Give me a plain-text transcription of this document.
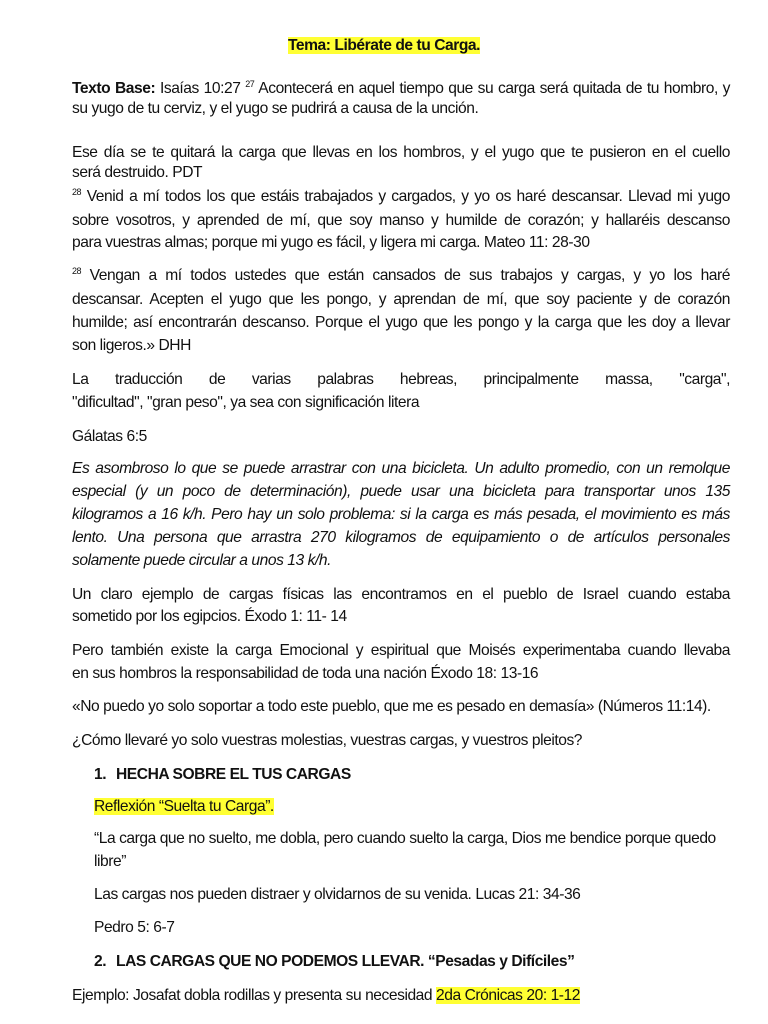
Tema: Libérate de tu Carga.
Texto Base: Isaías 10:27 $^{27}$ Acontecerá en aquel tiempo que su carga será quitada de tu hombro, y
su yugo de tu cerviz, y el yugo se pudrirá a causa de la unción.
Ese día se te quitará la carga que llevas en los hombros, y el yugo que te pusieron en el cuello
será destruido. PDT
$^{28}$ Venid a mí todos los que estáis trabajados y cargados, y yo os haré descansar. Llevad mi yugo
sobre vosotros, y aprended de mí, que soy manso y humilde de corazón; y hallaréis descanso
para vuestras almas; porque mi yugo es fácil, y ligera mi carga. Mateo 11: 28-30
$^{28}$ Vengan a mí todos ustedes que están cansados de sus trabajos y cargas, y yo los haré
descansar. Acepten el yugo que les pongo, y aprendan de mí, que soy paciente y de corazón
humilde; así encontrarán descanso. Porque el yugo que les pongo y la carga que les doy a llevar
son ligeros.» DHH
La traducción de varias palabras hebreas, principalmente massa, "carga",
"dificultad", "gran peso", ya sea con significación litera
Gálatas 6:5
Es asombroso lo que se puede arrastrar con una bicicleta. Un adulto promedio, con un remolque
especial (y un poco de determinación), puede usar una bicicleta para transportar unos 135
kilogramos a 16 k/h. Pero hay un solo problema: si la carga es más pesada, el movimiento es más
lento. Una persona que arrastra 270 kilogramos de equipamiento o de artículos personales
solamente puede circular a unos 13 k/h.
Un claro ejemplo de cargas físicas las encontramos en el pueblo de Israel cuando estaba
sometido por los egipcios. Éxodo 1: 11- 14
Pero también existe la carga Emocional y espiritual que Moisés experimentaba cuando llevaba
en sus hombros la responsabilidad de toda una nación Éxodo 18: 13-16
«No puedo yo solo soportar a todo este pueblo, que me es pesado en demasía» (Números 11:14).
¿Cómo llevaré yo solo vuestras molestias, vuestras cargas, y vuestros pleitos?
1. HECHA SOBRE EL TUS CARGAS
Reflexión “Suelta tu Carga”.
“La carga que no suelto, me dobla, pero cuando suelto la carga, Dios me bendice porque quedo
libre”
Las cargas nos pueden distraer y olvidarnos de su venida. Lucas 21: 34-36
Pedro 5: 6-7
2. LAS CARGAS QUE NO PODEMOS LLEVAR. “Pesadas y Difíciles”
Ejemplo: Josafat dobla rodillas y presenta su necesidad 2da Crónicas 20: 1-12
